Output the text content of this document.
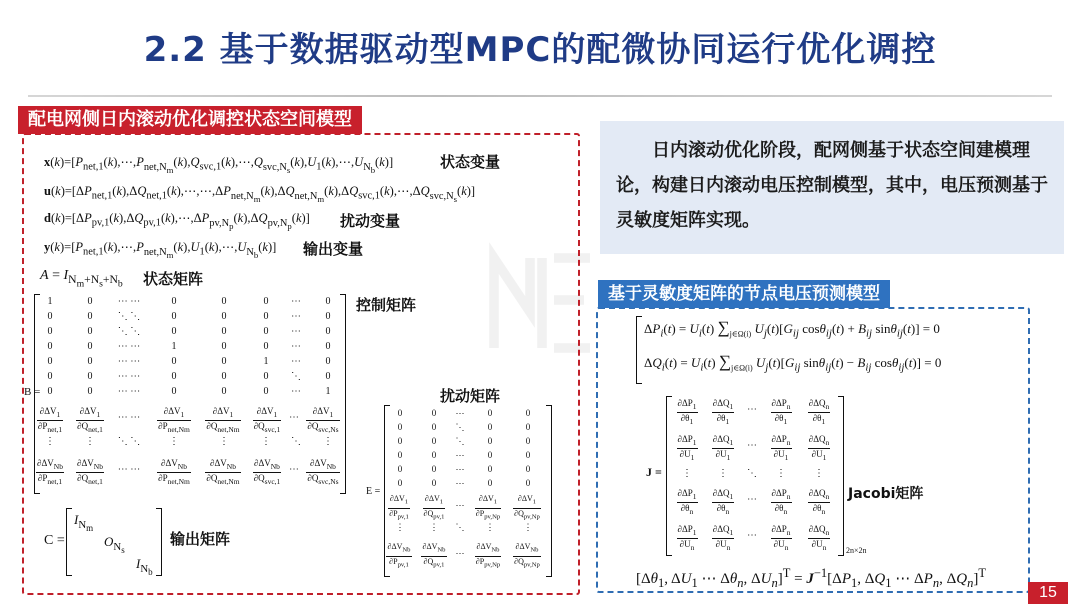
2.2 基于数据驱动型MPC的配微协同运行优化调控
配电网侧日内滚动优化调控状态空间模型
$x(k)=[P_{net,1}(k),\cdots,P_{net,N_m}(k),Q_{svc,1}(k),\cdots,Q_{svc,N_s}(k),U_1(k),\cdots,U_{N_b}(k)]$	状态变量
$u(k)=[\Delta P_{net,1}(k),\Delta Q_{net,1}(k),\cdots,\cdots,\Delta P_{net,N_m}(k),\Delta Q_{net,N_m}(k),\Delta Q_{svc,1}(k),\cdots,\Delta Q_{svc,N_s}(k)]$
$d(k)=[\Delta P_{pv,1}(k),\Delta Q_{pv,1}(k),\cdots,\Delta P_{pv,N_p}(k),\Delta Q_{pv,N_p}(k)]$ 扰动变量
$y(k)=[P_{net,1}(k),\cdots,P_{net,N_m}(k),U_1(k),\cdots,U_{N_b}(k)]$ 输出变量
$A = I_{N_m+N_s+N_b}$ 状态矩阵
B =
控制矩阵
1	0	⋯ ⋯	0	0	0	⋯	0
0	0	⋱ ⋱	0	0	0	⋯	0
0	0	⋱ ⋱	0	0	0	⋯	0
0	0	⋯ ⋯	1	0	0	⋯	0
0	0	⋯ ⋯	0	0	1	⋯	0
0	0	⋯ ⋯	0	0	0	⋱	0
0	0	⋯ ⋯	0	0	0	⋯	1
$\frac{\partial\Delta V_1}{\partial P_{net,1}} \frac{\partial\Delta V_1}{\partial Q_{net,1}}$	⋯ ⋯	$\frac{\partial\Delta V_1}{\partial P_{net,Nm}} \frac{\partial\Delta V_1}{\partial Q_{net,Nm}} \frac{\partial\Delta V_1}{\partial Q_{svc,1}}$ ⋯ $\frac{\partial\Delta V_1}{\partial Q_{svc,Ns}}$
⋮	⋮	⋱ ⋱	⋮	⋮	⋮	⋱	⋮
$\frac{\partial\Delta V_{Nb}}{\partial P_{net,1}} \frac{\partial\Delta V_{Nb}}{\partial Q_{net,1}}$	⋯ ⋯	$\frac{\partial\Delta V_{Nb}}{\partial P_{net,Nm}} \frac{\partial\Delta V_{Nb}}{\partial Q_{net,Nm}} \frac{\partial\Delta V_{Nb}}{\partial Q_{svc,1}}$ ⋯ $\frac{\partial\Delta V_{Nb}}{\partial Q_{svc,Ns}}$
扰动矩阵
E =
0	0	⋯	0	0
0	0	⋱	0	0
0	0	⋱	0	0
0	0	⋯	0	0
0	0	⋯	0	0
0	0	⋯	0	0
$\frac{\partial\Delta V_1}{\partial P_{pv,1}} \frac{\partial\Delta V_1}{\partial Q_{pv,1}}$	⋯	$\frac{\partial\Delta V_1}{\partial P_{pv,Np}} \frac{\partial\Delta V_1}{\partial Q_{pv,Np}}$
⋮	⋮	⋱	⋮	⋮
$\frac{\partial\Delta V_{Nb}}{\partial P_{pv,1}} \frac{\partial\Delta V_{Nb}}{\partial Q_{pv,1}}$	⋯	$\frac{\partial\Delta V_{Nb}}{\partial P_{pv,Np}} \frac{\partial\Delta V_{Nb}}{\partial Q_{pv,Np}}$
C =
$I_{N_m}$
$O_{N_s}$
$I_{N_b}$
输出矩阵

日内滚动优化阶段，配网侧基于状态空间建模理论，构建日内滚动电压控制模型，其中，电压预测基于灵敏度矩阵实现。

基于灵敏度矩阵的节点电压预测模型
$\Delta P_i(t) = U_i(t)$ $\sum_{j\in\Omega(i)}$ $U_j(t)[G_{ij}$ $\cos\theta_{ij}(t) + B_{ij}$ sinθ$_{ij}$(t)] = 0
$\Delta Q_i(t) = U_i(t)$ $\sum_{j\in\Omega(i)}$ $U_j(t)[G_{ij}$ $\sin\theta_{ij}(t) - B_{ij}$ cosθ$_{ij}$(t)] = 0
J =
2n×2n
Jacobi矩阵
$\frac{\partial\Delta P_1}{\partial\theta_1} \frac{\partial\Delta Q_1}{\partial\theta_1}$	⋯	$\frac{\partial\Delta P_n}{\partial\theta_1} \frac{\partial\Delta Q_n}{\partial\theta_1}$
$\frac{\partial\Delta P_1}{\partial U_1} \frac{\partial\Delta Q_1}{\partial U_1}$	⋯	$\frac{\partial\Delta P_n}{\partial U_1} \frac{\partial\Delta Q_n}{\partial U_1}$
⋮	⋮	⋱	⋮	⋮
$\frac{\partial\Delta P_1}{\partial\theta_n} \frac{\partial\Delta Q_1}{\partial\theta_n}$	⋯	$\frac{\partial\Delta P_n}{\partial\theta_n} \frac{\partial\Delta Q_n}{\partial\theta_n}$
$\frac{\partial\Delta P_1}{\partial U_n} \frac{\partial\Delta Q_1}{\partial U_n}$	⋯	$\frac{\partial\Delta P_n}{\partial U_n} \frac{\partial\Delta Q_n}{\partial U_n}$
[$\Delta\theta_1$, $\Delta U_1$ ⋯ $\Delta\theta_n$, $\Delta U_n]^T = J^{-1}[\Delta P_1$, $\Delta Q_1$ ⋯ $\Delta P_n$, $\Delta Q_n]^T$
15
